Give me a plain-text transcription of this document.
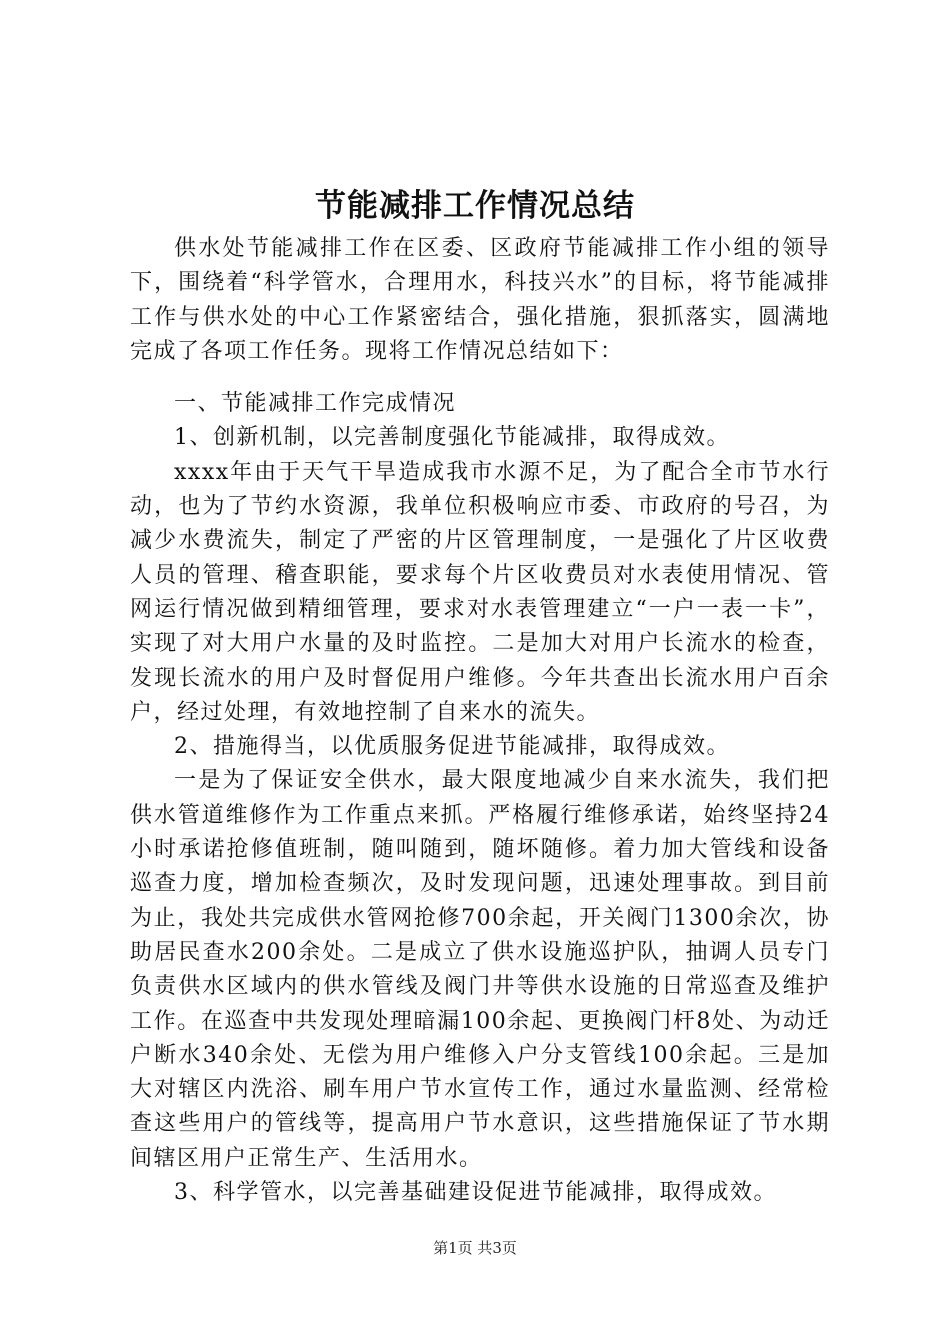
节能减排工作情况总结

供水处节能减排工作在区委、区政府节能减排工作小组的领导下，围绕着“科学管水，合理用水，科技兴水”的目标，将节能减排工作与供水处的中心工作紧密结合，强化措施，狠抓落实，圆满地完成了各项工作任务。现将工作情况总结如下：

一、节能减排工作完成情况

1、创新机制，以完善制度强化节能减排，取得成效。

xxxx年由于天气干旱造成我市水源不足，为了配合全市节水行动，也为了节约水资源，我单位积极响应市委、市政府的号召，为减少水费流失，制定了严密的片区管理制度，一是强化了片区收费人员的管理、稽查职能，要求每个片区收费员对水表使用情况、管网运行情况做到精细管理，要求对水表管理建立“一户一表一卡”，实现了对大用户水量的及时监控。二是加大对用户长流水的检查，发现长流水的用户及时督促用户维修。今年共查出长流水用户百余户，经过处理，有效地控制了自来水的流失。

2、措施得当，以优质服务促进节能减排，取得成效。

一是为了保证安全供水，最大限度地减少自来水流失，我们把供水管道维修作为工作重点来抓。严格履行维修承诺，始终坚持24小时承诺抢修值班制，随叫随到，随坏随修。着力加大管线和设备巡查力度，增加检查频次，及时发现问题，迅速处理事故。到目前为止，我处共完成供水管网抢修700余起，开关阀门1300余次，协助居民查水200余处。二是成立了供水设施巡护队，抽调人员专门负责供水区域内的供水管线及阀门井等供水设施的日常巡查及维护工作。在巡查中共发现处理暗漏100余起、更换阀门杆8处、为动迁户断水340余处、无偿为用户维修入户分支管线100余起。三是加大对辖区内洗浴、刷车用户节水宣传工作，通过水量监测、经常检查这些用户的管线等，提高用户节水意识，这些措施保证了节水期间辖区用户正常生产、生活用水。

3、科学管水，以完善基础建设促进节能减排，取得成效。

第1页 共3页
